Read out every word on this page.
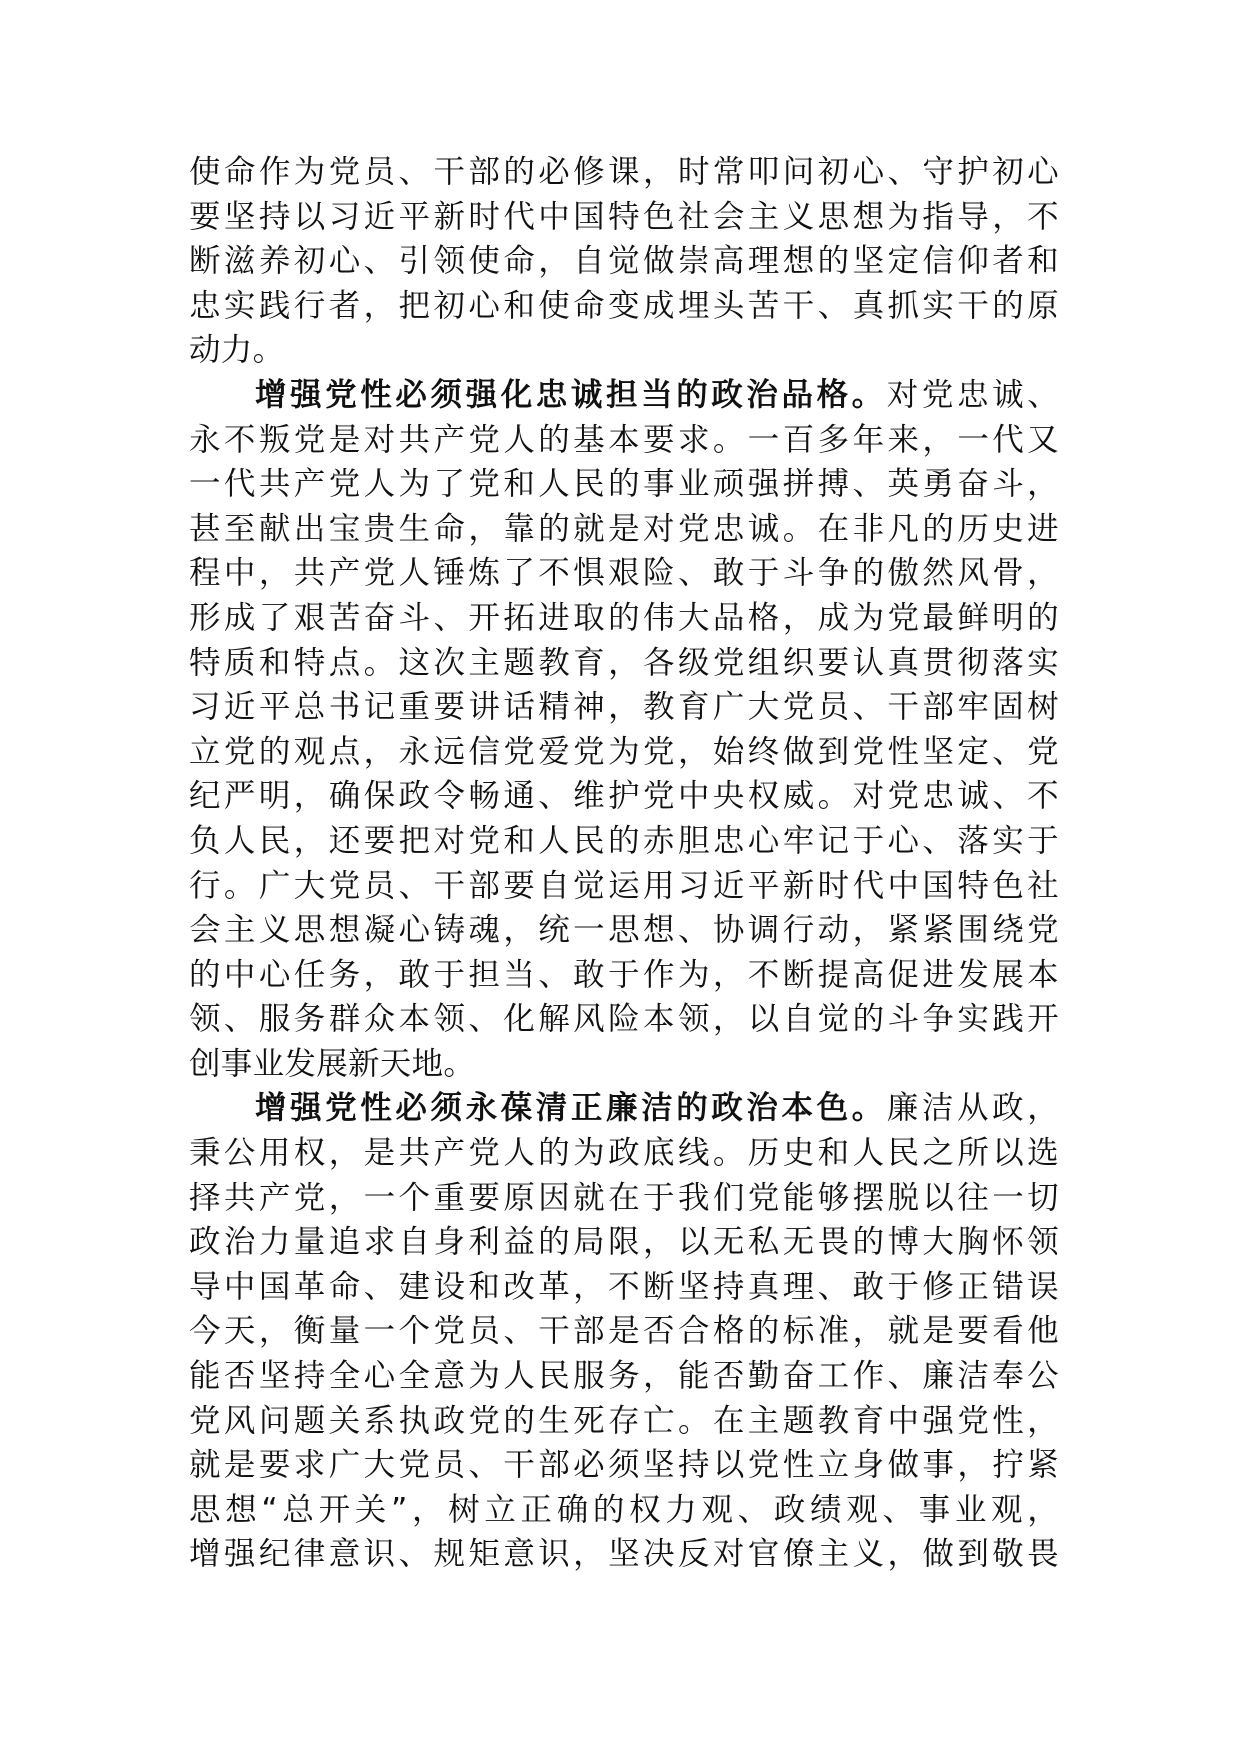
使命作为党员、干部的必修课，时常叩问初心、守护初心
要坚持以习近平新时代中国特色社会主义思想为指导，不
断滋养初心、引领使命，自觉做崇高理想的坚定信仰者和
忠实践行者，把初心和使命变成埋头苦干、真抓实干的原
动力。
增强党性必须强化忠诚担当的政治品格。对党忠诚、
永不叛党是对共产党人的基本要求。一百多年来，一代又
一代共产党人为了党和人民的事业顽强拼搏、英勇奋斗，
甚至献出宝贵生命，靠的就是对党忠诚。在非凡的历史进
程中，共产党人锤炼了不惧艰险、敢于斗争的傲然风骨，
形成了艰苦奋斗、开拓进取的伟大品格，成为党最鲜明的
特质和特点。这次主题教育，各级党组织要认真贯彻落实
习近平总书记重要讲话精神，教育广大党员、干部牢固树
立党的观点，永远信党爱党为党，始终做到党性坚定、党
纪严明，确保政令畅通、维护党中央权威。对党忠诚、不
负人民，还要把对党和人民的赤胆忠心牢记于心、落实于
行。广大党员、干部要自觉运用习近平新时代中国特色社
会主义思想凝心铸魂，统一思想、协调行动，紧紧围绕党
的中心任务，敢于担当、敢于作为，不断提高促进发展本
领、服务群众本领、化解风险本领，以自觉的斗争实践开
创事业发展新天地。
增强党性必须永葆清正廉洁的政治本色。廉洁从政，
秉公用权，是共产党人的为政底线。历史和人民之所以选
择共产党，一个重要原因就在于我们党能够摆脱以往一切
政治力量追求自身利益的局限，以无私无畏的博大胸怀领
导中国革命、建设和改革，不断坚持真理、敢于修正错误
今天，衡量一个党员、干部是否合格的标准，就是要看他
能否坚持全心全意为人民服务，能否勤奋工作、廉洁奉公
党风问题关系执政党的生死存亡。在主题教育中强党性，
就是要求广大党员、干部必须坚持以党性立身做事，拧紧
思想“总开关”，树立正确的权力观、政绩观、事业观，
增强纪律意识、规矩意识，坚决反对官僚主义，做到敬畏
